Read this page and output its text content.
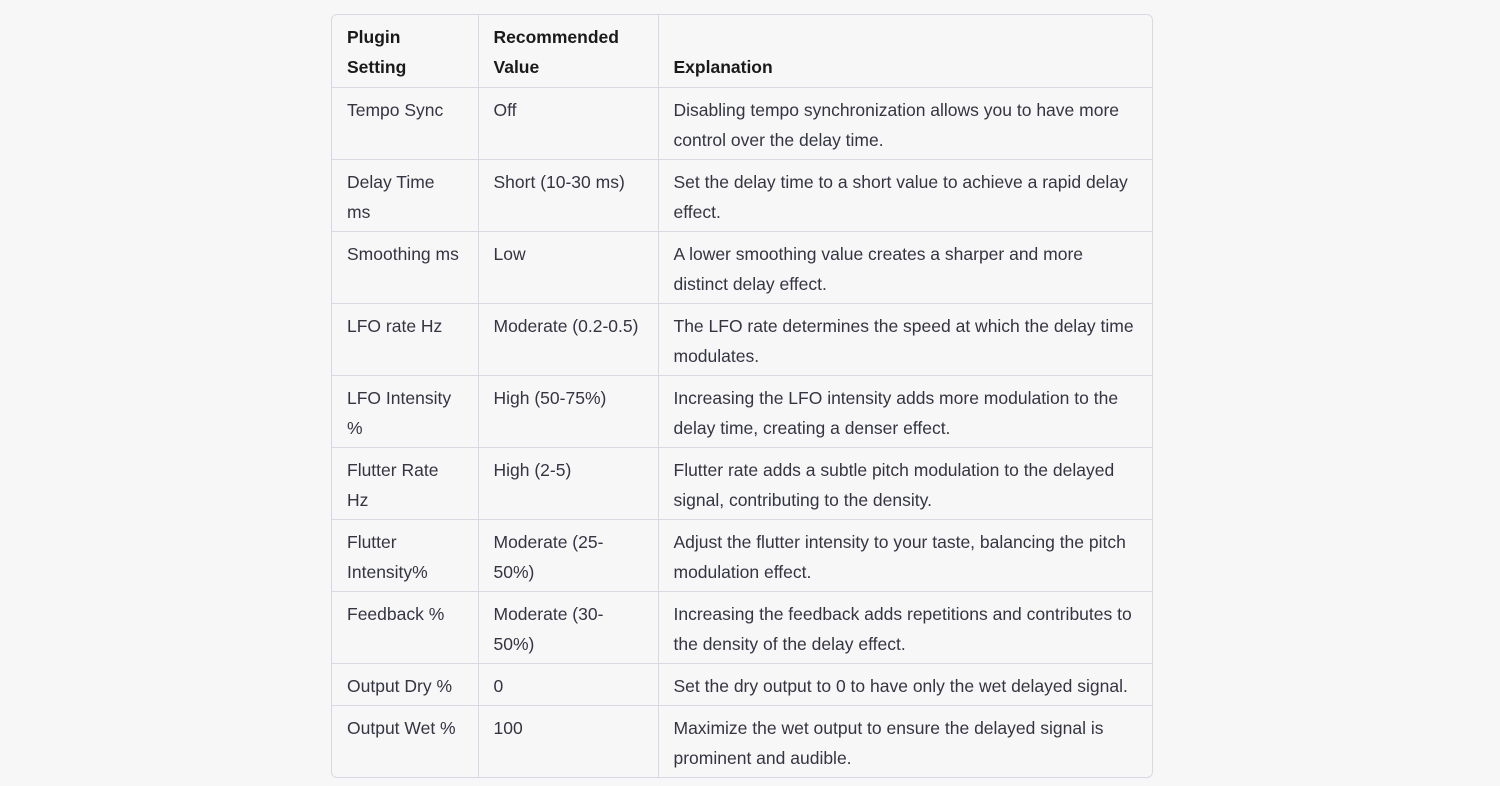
Plugin Setting	Recommended Value	Explanation
Tempo Sync	Off	Disabling tempo synchronization allows you to have more control over the delay time.
Delay Time ms	Short (10-30 ms)	Set the delay time to a short value to achieve a rapid delay effect.
Smoothing ms	Low	A lower smoothing value creates a sharper and more distinct delay effect.
LFO rate Hz	Moderate (0.2-0.5)	The LFO rate determines the speed at which the delay time modulates.
LFO Intensity %	High (50-75%)	Increasing the LFO intensity adds more modulation to the delay time, creating a denser effect.
Flutter Rate Hz	High (2-5)	Flutter rate adds a subtle pitch modulation to the delayed signal, contributing to the density.
Flutter Intensity%	Moderate (25-50%)	Adjust the flutter intensity to your taste, balancing the pitch modulation effect.
Feedback %	Moderate (30-50%)	Increasing the feedback adds repetitions and contributes to the density of the delay effect.
Output Dry %	0	Set the dry output to 0 to have only the wet delayed signal.
Output Wet %	100	Maximize the wet output to ensure the delayed signal is prominent and audible.
